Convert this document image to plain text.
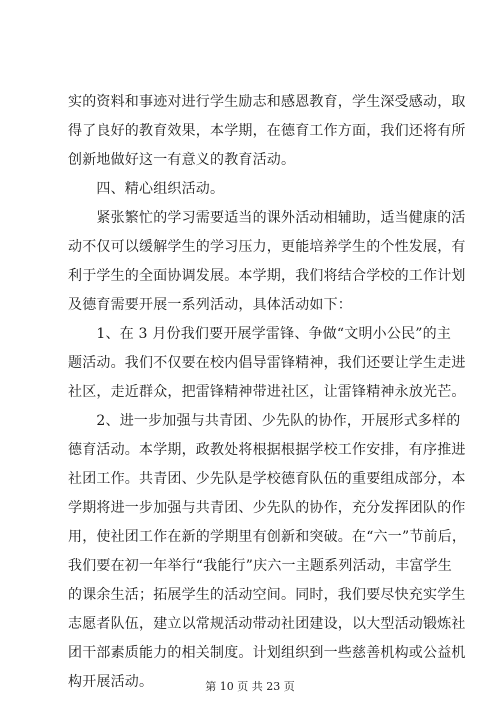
实的资料和事迹对进行学生励志和感恩教育，学生深受感动，取
得了良好的教育效果，本学期，在德育工作方面，我们还将有所
创新地做好这一有意义的教育活动。
　　四、精心组织活动。
　　紧张繁忙的学习需要适当的课外活动相辅助，适当健康的活
动不仅可以缓解学生的学习压力，更能培养学生的个性发展，有
利于学生的全面协调发展。本学期，我们将结合学校的工作计划
及德育需要开展一系列活动，具体活动如下：
　　1、在 3 月份我们要开展学雷锋、争做“文明小公民”的主
题活动。我们不仅要在校内倡导雷锋精神，我们还要让学生走进
社区，走近群众，把雷锋精神带进社区，让雷锋精神永放光芒。
　　2、进一步加强与共青团、少先队的协作，开展形式多样的
德育活动。本学期，政教处将根据根据学校工作安排，有序推进
社团工作。共青团、少先队是学校德育队伍的重要组成部分，本
学期将进一步加强与共青团、少先队的协作，充分发挥团队的作
用，使社团工作在新的学期里有创新和突破。在“六一”节前后，
我们要在初一年举行“我能行”庆六一主题系列活动，丰富学生
的课余生活；拓展学生的活动空间。同时，我们要尽快充实学生
志愿者队伍，建立以常规活动带动社团建设，以大型活动锻炼社
团干部素质能力的相关制度。计划组织到一些慈善机构或公益机
构开展活动。	第 10 页 共 23 页
